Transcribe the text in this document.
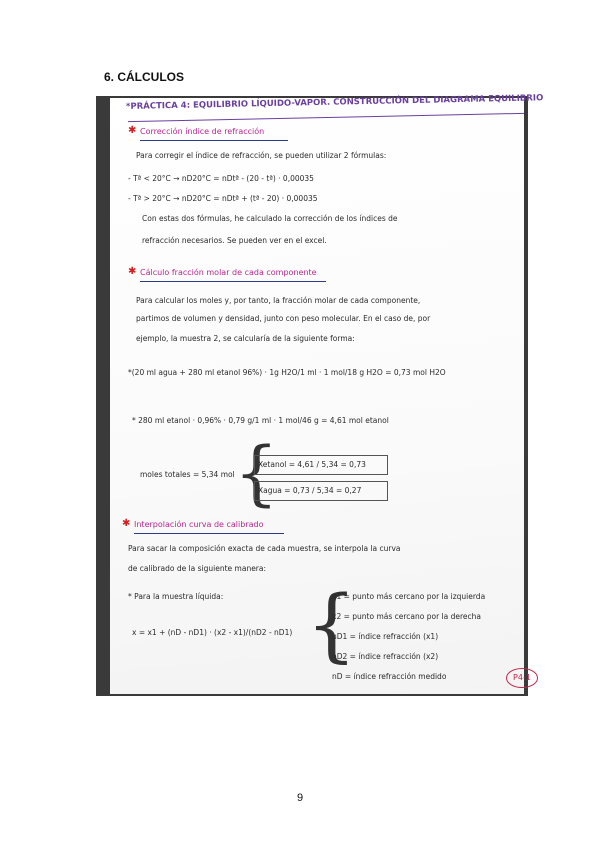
6. CÁLCULOS
*PRÁCTICA 4: EQUILIBRIO LÍQUIDO-VAPOR. CONSTRUCCIÓN DEL DIAGRAMA EQUILIBRIO
✱ Corrección índice de refracción
Para corregir el índice de refracción, se pueden utilizar 2 fórmulas:
- Tª < 20°C → nD20°C = nDtª - (20 - tª) · 0,00035
- Tª > 20°C → nD20°C = nDtª + (tª - 20) · 0,00035
Con estas dos fórmulas, he calculado la corrección de los índices de
refracción necesarios. Se pueden ver en el excel.
✱ Cálculo fracción molar de cada componente
Para calcular los moles y, por tanto, la fracción molar de cada componente,
partimos de volumen y densidad, junto con peso molecular. En el caso de, por
ejemplo, la muestra 2, se calcularía de la siguiente forma:
*(20 ml agua + 280 ml etanol 96%) · 1g H2O/1 ml · 1 mol/18 g H2O = 0,73 mol H2O
* 280 ml etanol · 0,96% · 0,79 g/1 ml · 1 mol/46 g = 4,61 mol etanol
moles totales = 5,34 mol {
Xetanol = 4,61 / 5,34 = 0,73
Xagua = 0,73 / 5,34 = 0,27
✱ Interpolación curva de calibrado
Para sacar la composición exacta de cada muestra, se interpola la curva
de calibrado de la siguiente manera:
* Para la muestra líquida:
x = x1 + (nD - nD1) · (x2 - x1)/(nD2 - nD1) {
x1 = punto más cercano por la izquierda
x2 = punto más cercano por la derecha
nD1 = índice refracción (x1)
nD2 = índice refracción (x2)
nD = índice refracción medido	P4-1
9
